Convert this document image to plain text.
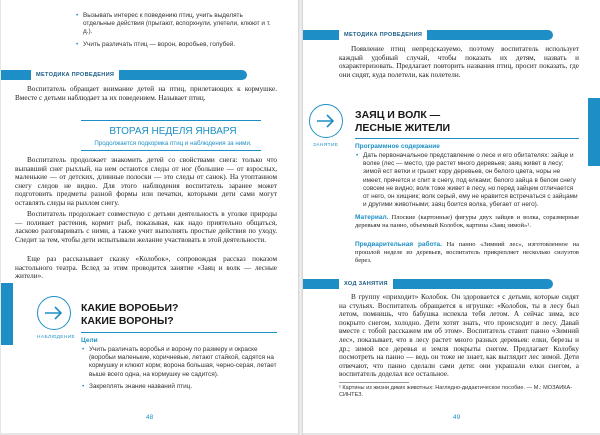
• Вызывать интерес к поведению птиц, учить выделять отдельные действия (прыгают, вспорхнули, улетели, клюют и т. д.).
• Учить различать птиц — ворон, воробьев, голубей.
МЕТОДИКА ПРОВЕДЕНИЯ
Воспитатель обращает внимание детей на птиц, прилетающих к кормушке. Вместе с детьми наблюдает за их поведением. Называет птиц.
ВТОРАЯ НЕДЕЛЯ ЯНВАРЯ
Продолжается подкормка птиц и наблюдения за ними.
Воспитатель продолжает знакомить детей со свойствами снега: только что выпавший снег рыхлый, на нем остаются следы от ног (большие — от взрослых, маленькие — от детских, длинные полоски — это следы от санок). На утоптанном снегу следов не видно. Для этого наблюдения воспитатель заранее может подготовить предметы разной формы или печатки, которыми дети сами могут оставлять следы на рыхлом снегу.
Воспитатель продолжает совместную с детьми деятельность в уголке природы — поливает растения, кормит рыб, показывая, как надо приятельно общаться, ласково разговаривать с ними, а также учит выполнять простые действия по уходу. Следит за тем, чтобы дети испытывали желание участвовать в этой деятельности.
Еще раз рассказывает сказку «Колобок», сопровождая рассказ показом настольного театра. Вслед за этим проводится занятие «Заяц и волк — лесные жители».
НАБЛЮДЕНИЕ
КАКИЕ ВОРОБЬИ?
КАКИЕ ВОРОНЫ?
Цели
• Учить различать воробья и ворону по размеру и окраске (воробьи маленькие, коричневые, летают стайкой, садятся на кормушку и клюют корм; ворона большая, черно-серая, летает выше всего одна, на кормушку не садится).
• Закреплять знание названий птиц.
48
МЕТОДИКА ПРОВЕДЕНИЯ
Появление птиц непредсказуемо, поэтому воспитатель использует каждый удобный случай, чтобы показать их детям, назвать и охарактеризовать. Предлагает повторить названия птиц, просит показать, где они сидят, куда полетели, как полетели.
ЗАНЯТИЕ
ЗАЯЦ И ВОЛК —
ЛЕСНЫЕ ЖИТЕЛИ
Программное содержание
• Дать первоначальное представление о лесе и его обитателях: зайце и волке (лес — место, где растет много деревьев; заяц живет в лесу; зимой ест ветки и грызет кору деревьев, он белого цвета, норы не имеет, прячется и спит в снегу, под елками; белого зайца в белом снегу совсем не видно; волк тоже живет в лесу, но перед зайцем отличается от него, он хищник; волк серый, ему не нравится встречаться с зайцами и другими животными; заяц боится волка, убегает от него).
Материал. Плоские (картонные) фигуры двух зайцев и волка, соразмерные деревьям на панно, объемный Колобок, картина «Заяц зимой»¹.
Предварительная работа. На панно «Зимний лес», изготовленное на прошлой неделе из деревьев, воспитатель прикрепляет несколько силуэтов берез.
ХОД ЗАНЯТИЯ
В группу «приходит» Колобок. Он здоровается с детьми, которые сидят на стульях. Воспитатель обращается к игрушке: «Колобок, ты в лесу был летом, помнишь, что бабушка испекла тебя летом. А сейчас зима, все покрыто снегом, холодно. Дети хотят знать, что происходит в лесу. Давай вместе с тобой расскажем им об этом». Воспитатель ставит панно «Зимний лес», показывает, что в лесу растет много разных деревьев: елки, березы и др.; зимой все деревья и земля покрыты снегом. Предлагает Колобку посмотреть на панно — ведь он тоже не знает, как выглядит лес зимой. Дети отвечают, что панно сделали сами дети: они украшали елки снегом, а воспитатель доделал все остальное.
¹ Картины из жизни диких животных: Наглядно-дидактическое пособие. — М.: МОЗАИКА-СИНТЕЗ.
49
